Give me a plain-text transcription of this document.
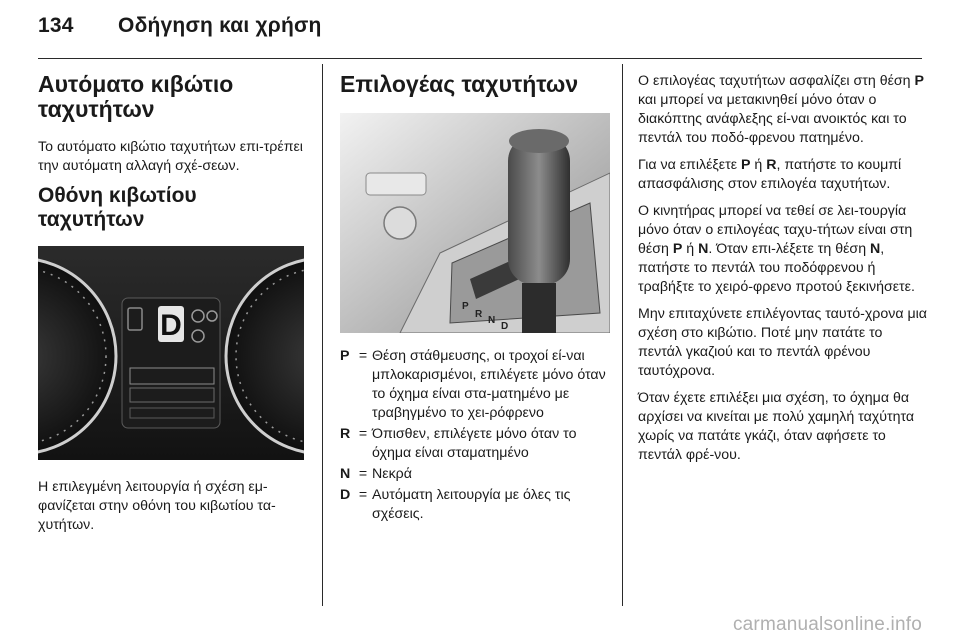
134 Οδήγηση και χρήση
Αυτόματο κιβώτιο ταχυτήτων

Το αυτόματο κιβώτιο ταχυτήτων επι-τρέπει την αυτόματη αλλαγή σχέ-σεων.

Οθόνη κιβωτίου ταχυτήτων
D

Η επιλεγμένη λειτουργία ή σχέση εμ-φανίζεται στην οθόνη του κιβωτίου τα-χυτήτων.

Επιλογέας ταχυτήτων
P
R
N
D
P = Θέση στάθμευσης, οι τροχοί εί-ναι μπλοκαρισμένοι, επιλέγετε μόνο όταν το όχημα είναι στα-ματημένο με τραβηγμένο το χει-ρόφρενο
R = Όπισθεν, επιλέγετε μόνο όταν το όχημα είναι σταματημένο
N = Νεκρά
D = Αυτόματη λειτουργία με όλες τις σχέσεις.

Ο επιλογέας ταχυτήτων ασφαλίζει στη θέση P και μπορεί να μετακινηθεί μόνο όταν ο διακόπτης ανάφλεξης εί-ναι ανοικτός και το πεντάλ του ποδό-φρενου πατημένο.

Για να επιλέξετε P ή R, πατήστε το κουμπί απασφάλισης στον επιλογέα ταχυτήτων.

Ο κινητήρας μπορεί να τεθεί σε λει-τουργία μόνο όταν ο επιλογέας ταχυ-τήτων είναι στη θέση P ή N. Όταν επι-λέξετε τη θέση N, πατήστε το πεντάλ του ποδόφρενου ή τραβήξτε το χειρό-φρενο προτού ξεκινήσετε.

Μην επιταχύνετε επιλέγοντας ταυτό-χρονα μια σχέση στο κιβώτιο. Ποτέ μην πατάτε το πεντάλ γκαζιού και το πεντάλ φρένου ταυτόχρονα.

Όταν έχετε επιλέξει μια σχέση, το όχημα θα αρχίσει να κινείται με πολύ χαμηλή ταχύτητα χωρίς να πατάτε γκάζι, όταν αφήσετε το πεντάλ φρέ-νου.

carmanualsonline.info
